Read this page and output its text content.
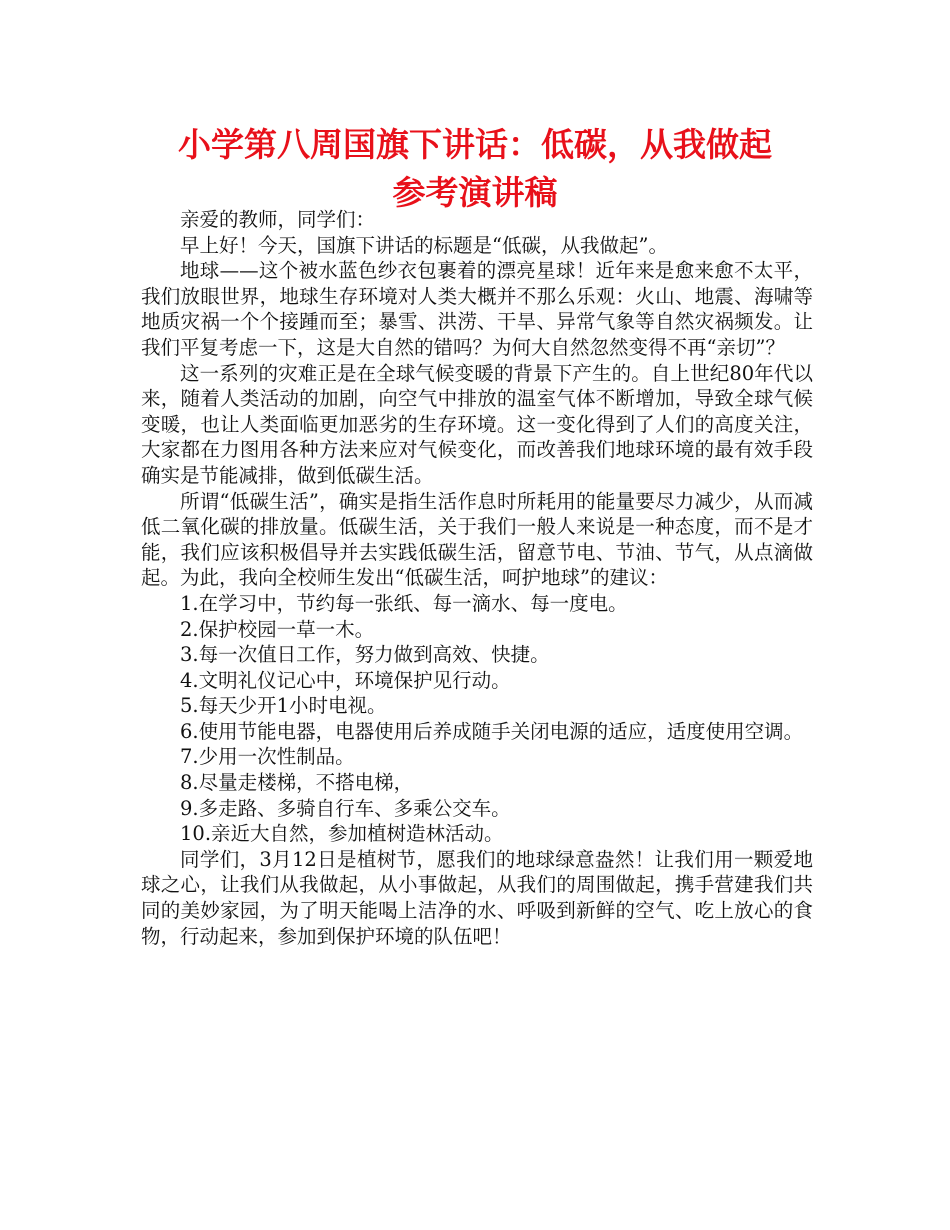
小学第八周国旗下讲话：低碳，从我做起
参考演讲稿

亲爱的教师，同学们：

早上好！今天，国旗下讲话的标题是“低碳，从我做起”。

地球——这个被水蓝色纱衣包裹着的漂亮星球！近年来是愈来愈不太平，我们放眼世界，地球生存环境对人类大概并不那么乐观：火山、地震、海啸等地质灾祸一个个接踵而至；暴雪、洪涝、干旱、异常气象等自然灾祸频发。让我们平复考虑一下，这是大自然的错吗？为何大自然忽然变得不再“亲切”？

这一系列的灾难正是在全球气候变暖的背景下产生的。自上世纪80年代以来，随着人类活动的加剧，向空气中排放的温室气体不断增加，导致全球气候变暖，也让人类面临更加恶劣的生存环境。这一变化得到了人们的高度关注，大家都在力图用各种方法来应对气候变化，而改善我们地球环境的最有效手段确实是节能减排，做到低碳生活。

所谓“低碳生活”，确实是指生活作息时所耗用的能量要尽力减少，从而减低二氧化碳的排放量。低碳生活，关于我们一般人来说是一种态度，而不是才能，我们应该积极倡导并去实践低碳生活，留意节电、节油、节气，从点滴做起。为此，我向全校师生发出“低碳生活，呵护地球”的建议：

1.在学习中，节约每一张纸、每一滴水、每一度电。

2.保护校园一草一木。

3.每一次值日工作，努力做到高效、快捷。

4.文明礼仪记心中，环境保护见行动。

5.每天少开1小时电视。

6.使用节能电器，电器使用后养成随手关闭电源的适应，适度使用空调。

7.少用一次性制品。

8.尽量走楼梯，不搭电梯，

9.多走路、多骑自行车、多乘公交车。

10.亲近大自然，参加植树造林活动。

同学们，3月12日是植树节，愿我们的地球绿意盎然！让我们用一颗爱地球之心，让我们从我做起，从小事做起，从我们的周围做起，携手营建我们共同的美妙家园，为了明天能喝上洁净的水、呼吸到新鲜的空气、吃上放心的食物，行动起来，参加到保护环境的队伍吧！
